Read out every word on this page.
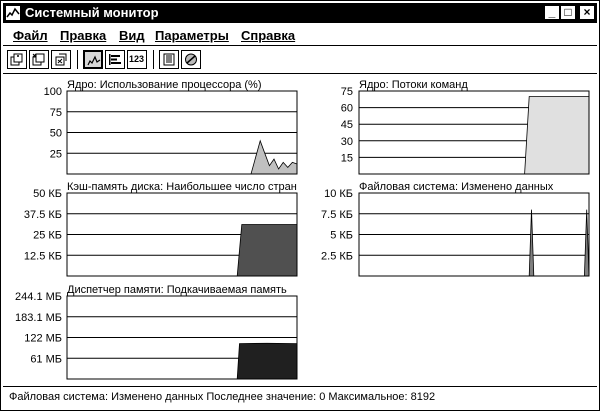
Системный монитор	_ □ ×
Файл Правка Вид Параметры Справка
123
Ядро: Использование процессора (%)
100
75
50
25
Ядро: Потоки команд
75
60
45
30
15
Кэш-память диска: Наибольшее число стран
50 КБ
37.5 КБ
25 КБ
12.5 КБ
Файловая система: Изменено данных
10 КБ
7.5 КБ
5 КБ
2.5 КБ
Диспетчер памяти: Подкачиваемая память
244.1 МБ
183.1 МБ
122 МБ
61 МБ
Файловая система: Изменено данных Последнее значение: 0 Максимальное: 8192
